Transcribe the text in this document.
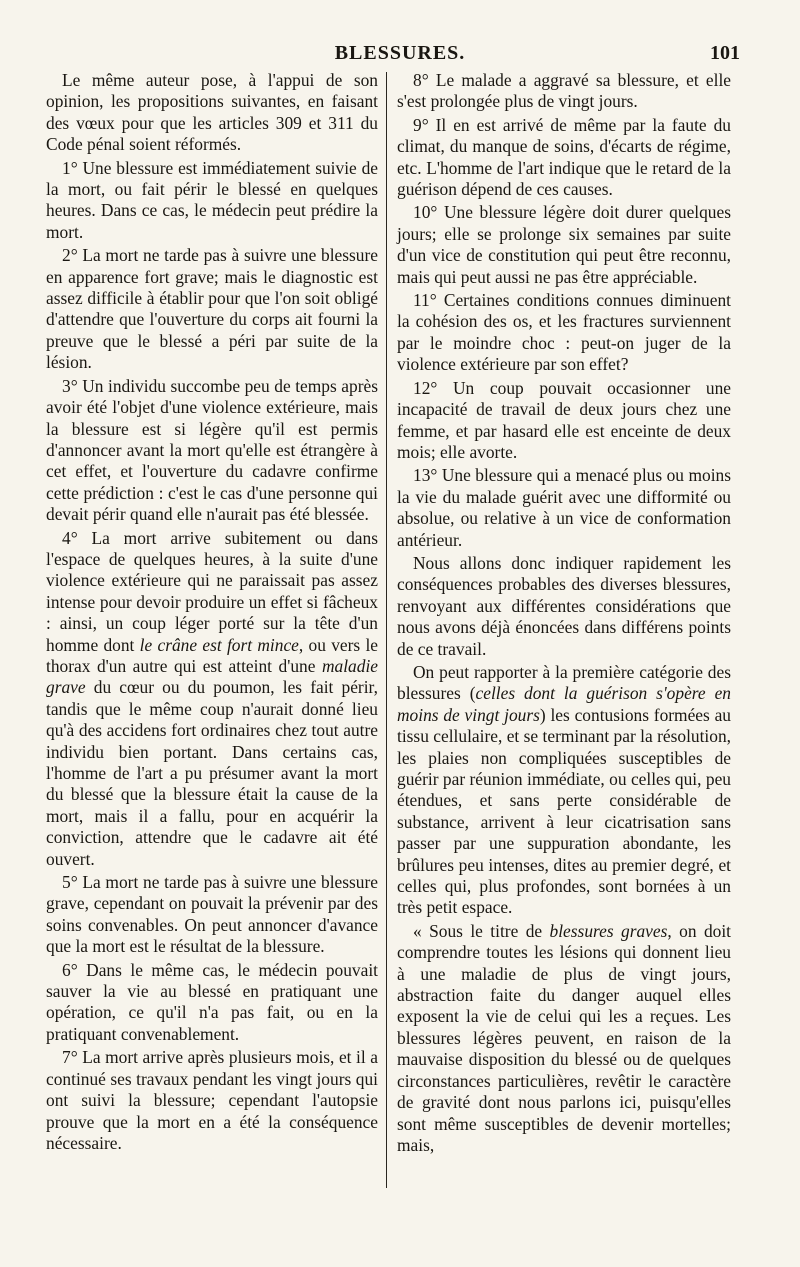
BLESSURES.	101

Le même auteur pose, à l'appui de son opinion, les propositions suivantes, en faisant des vœux pour que les articles 309 et 311 du Code pénal soient réformés.

1° Une blessure est immédiatement suivie de la mort, ou fait périr le blessé en quelques heures. Dans ce cas, le médecin peut prédire la mort.

2° La mort ne tarde pas à suivre une blessure en apparence fort grave; mais le diagnostic est assez difficile à établir pour que l'on soit obligé d'attendre que l'ouverture du corps ait fourni la preuve que le blessé a péri par suite de la lésion.

3° Un individu succombe peu de temps après avoir été l'objet d'une violence extérieure, mais la blessure est si légère qu'il est permis d'annoncer avant la mort qu'elle est étrangère à cet effet, et l'ouverture du cadavre confirme cette prédiction : c'est le cas d'une personne qui devait périr quand elle n'aurait pas été blessée.

4° La mort arrive subitement ou dans l'espace de quelques heures, à la suite d'une violence extérieure qui ne paraissait pas assez intense pour devoir produire un effet si fâcheux : ainsi, un coup léger porté sur la tête d'un homme dont le crâne est fort mince, ou vers le thorax d'un autre qui est atteint d'une maladie grave du cœur ou du poumon, les fait périr, tandis que le même coup n'aurait donné lieu qu'à des accidens fort ordinaires chez tout autre individu bien portant. Dans certains cas, l'homme de l'art a pu présumer avant la mort du blessé que la blessure était la cause de la mort, mais il a fallu, pour en acquérir la conviction, attendre que le cadavre ait été ouvert.

5° La mort ne tarde pas à suivre une blessure grave, cependant on pouvait la prévenir par des soins convenables. On peut annoncer d'avance que la mort est le résultat de la blessure.

6° Dans le même cas, le médecin pouvait sauver la vie au blessé en pratiquant une opération, ce qu'il n'a pas fait, ou en la pratiquant convenablement.

7° La mort arrive après plusieurs mois, et il a continué ses travaux pendant les vingt jours qui ont suivi la blessure; cependant l'autopsie prouve que la mort en a été la conséquence nécessaire.

8° Le malade a aggravé sa blessure, et elle s'est prolongée plus de vingt jours.

9° Il en est arrivé de même par la faute du climat, du manque de soins, d'écarts de régime, etc. L'homme de l'art indique que le retard de la guérison dépend de ces causes.

10° Une blessure légère doit durer quelques jours; elle se prolonge six semaines par suite d'un vice de constitution qui peut être reconnu, mais qui peut aussi ne pas être appréciable.

11° Certaines conditions connues diminuent la cohésion des os, et les fractures surviennent par le moindre choc : peut-on juger de la violence extérieure par son effet?

12° Un coup pouvait occasionner une incapacité de travail de deux jours chez une femme, et par hasard elle est enceinte de deux mois; elle avorte.

13° Une blessure qui a menacé plus ou moins la vie du malade guérit avec une difformité ou absolue, ou relative à un vice de conformation antérieur.

Nous allons donc indiquer rapidement les conséquences probables des diverses blessures, renvoyant aux différentes considérations que nous avons déjà énoncées dans différens points de ce travail.

On peut rapporter à la première catégorie des blessures (celles dont la guérison s'opère en moins de vingt jours) les contusions formées au tissu cellulaire, et se terminant par la résolution, les plaies non compliquées susceptibles de guérir par réunion immédiate, ou celles qui, peu étendues, et sans perte considérable de substance, arrivent à leur cicatrisation sans passer par une suppuration abondante, les brûlures peu intenses, dites au premier degré, et celles qui, plus profondes, sont bornées à un très petit espace.

« Sous le titre de blessures graves, on doit comprendre toutes les lésions qui donnent lieu à une maladie de plus de vingt jours, abstraction faite du danger auquel elles exposent la vie de celui qui les a reçues. Les blessures légères peuvent, en raison de la mauvaise disposition du blessé ou de quelques circonstances particulières, revêtir le caractère de gravité dont nous parlons ici, puisqu'elles sont même susceptibles de devenir mortelles; mais,
